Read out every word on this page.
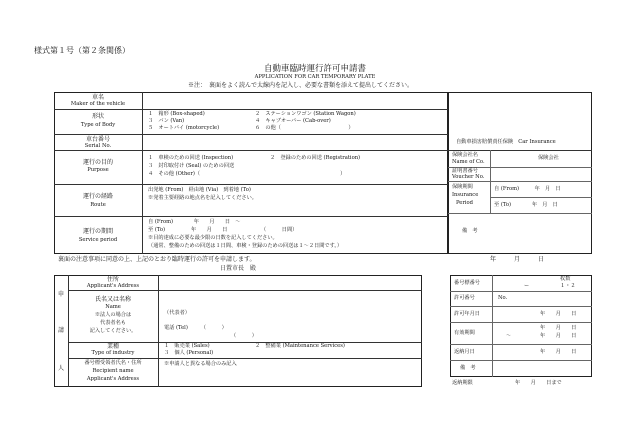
様式第１号（第２条関係）
自動車臨時運行許可申請書
APPLICATION FOR CAR TEMPORARY PLATE
※注：　裏面をよく読んで太線内を記入し、必要な書類を添えて提出してください。
車名
Maker of the vehicle
形状
Type of Body
１　箱形 (Box-shaped)	２　ステーションワゴン (Station Wagon)
３　バン (Van)	４　キャブオーバー (Cab-over)
５　オートバイ (motorcycle)	６　の他（　　　　　　　　　　　　　）
車台番号
Serial No.
運行の目的
Purpose
１　車検のための回送 (Inspection)	２　登録のための回送 (Registration)
３　封印取付け (Seal) のための回送
４　その他 (Other)（　　　　　　　　　　　　　　　　　　　　　　　　　　　）
運行の経路
Route
出発地 (From)　経由地 (Via)　到着地 (To)
※発着主要経路の地点名を記入してください。
運行の期間
Service period
自 (From)　　　　年　　月　　日　〜
至 (To)　　　　　年　　月　　日　　　　　　　（　　　日間）
※目的達成に必要な最少限の日数を記入してください。
（通常、整備のための回送は１日間、車検・登録のための回送は１〜２日間です。）
自動車損害賠償責任保険　Car Insurance
保険会社名
Name of Co.
保険会社
証明書番号
Voucher No.
保険期間
Insurance
Period
自 (From)　　　年　月　日
至 (To)　　　　年　月　日
備　考
裏面の注意事項に同意の上、上記のとおり臨時運行の許可を申請します。	年　　　月　　　日
日置市長　殿
申
請
人
住所
Applicant's Address
氏名又は名称
Name
※法人の場合は
代表者名も
記入してください。
（代表者）
電話 (Tel)　　　（　　　）
（　　　）
業種
Type of industry
１　販売業 (Sales)	２　整備業 (Maintenance Services)
３　個人 (Personal)
番号標受領者氏名・住所
Recipient name
Applicant's Address
※申請人と異なる場合のみ記入
番号標番号
枚数
ー	１・２
許可番号	No.
許可年月日	年　　月　　日
有効期間
年　　月　　日
〜	年　　月　　日
返納月日	年　　月　　日
備　考
返納期限	年　　月　　日まで
